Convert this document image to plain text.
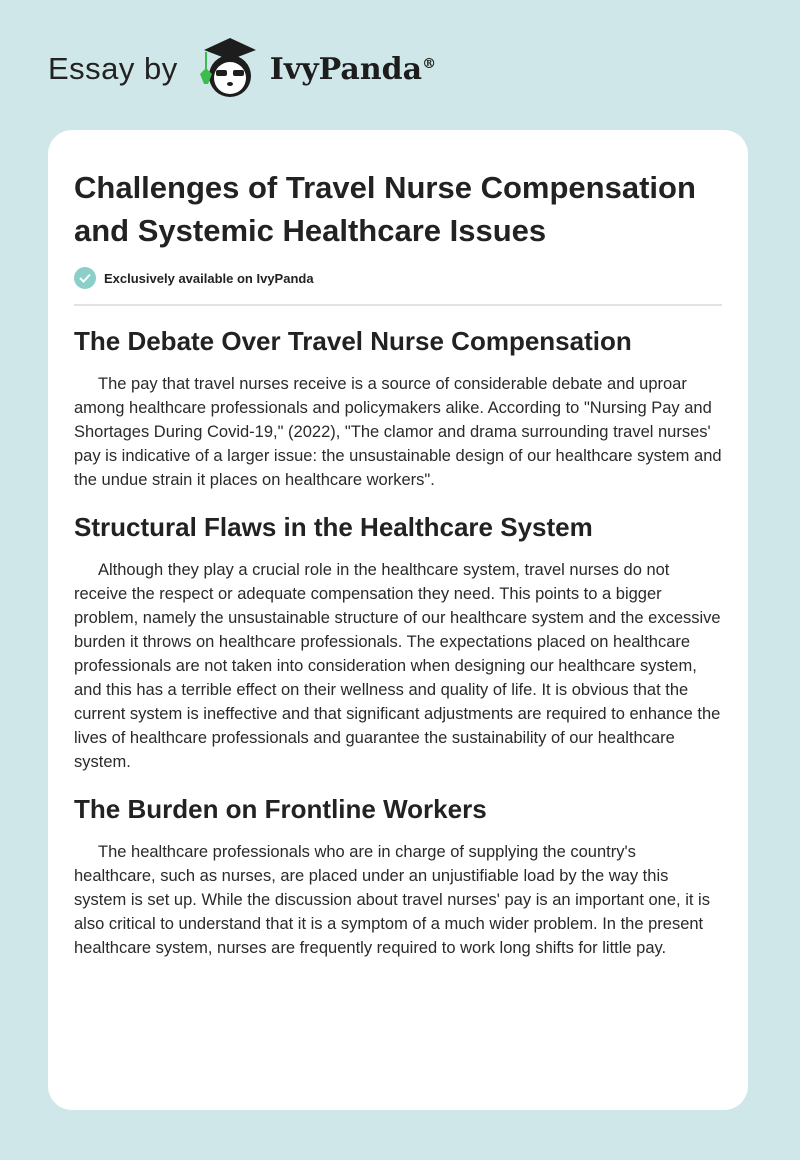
Essay by	IvyPanda®
Challenges of Travel Nurse Compensation and Systemic Healthcare Issues
Exclusively available on IvyPanda
The Debate Over Travel Nurse Compensation

The pay that travel nurses receive is a source of considerable debate and uproar among healthcare professionals and policymakers alike. According to "Nursing Pay and Shortages During Covid-19," (2022), "The clamor and drama surrounding travel nurses' pay is indicative of a larger issue: the unsustainable design of our healthcare system and the undue strain it places on healthcare workers".

Structural Flaws in the Healthcare System

Although they play a crucial role in the healthcare system, travel nurses do not receive the respect or adequate compensation they need. This points to a bigger problem, namely the unsustainable structure of our healthcare system and the excessive burden it throws on healthcare professionals. The expectations placed on healthcare professionals are not taken into consideration when designing our healthcare system, and this has a terrible effect on their wellness and quality of life. It is obvious that the current system is ineffective and that significant adjustments are required to enhance the lives of healthcare professionals and guarantee the sustainability of our healthcare system.

The Burden on Frontline Workers

The healthcare professionals who are in charge of supplying the country's healthcare, such as nurses, are placed under an unjustifiable load by the way this system is set up. While the discussion about travel nurses' pay is an important one, it is also critical to understand that it is a symptom of a much wider problem. In the present healthcare system, nurses are frequently required to work long shifts for little pay.
